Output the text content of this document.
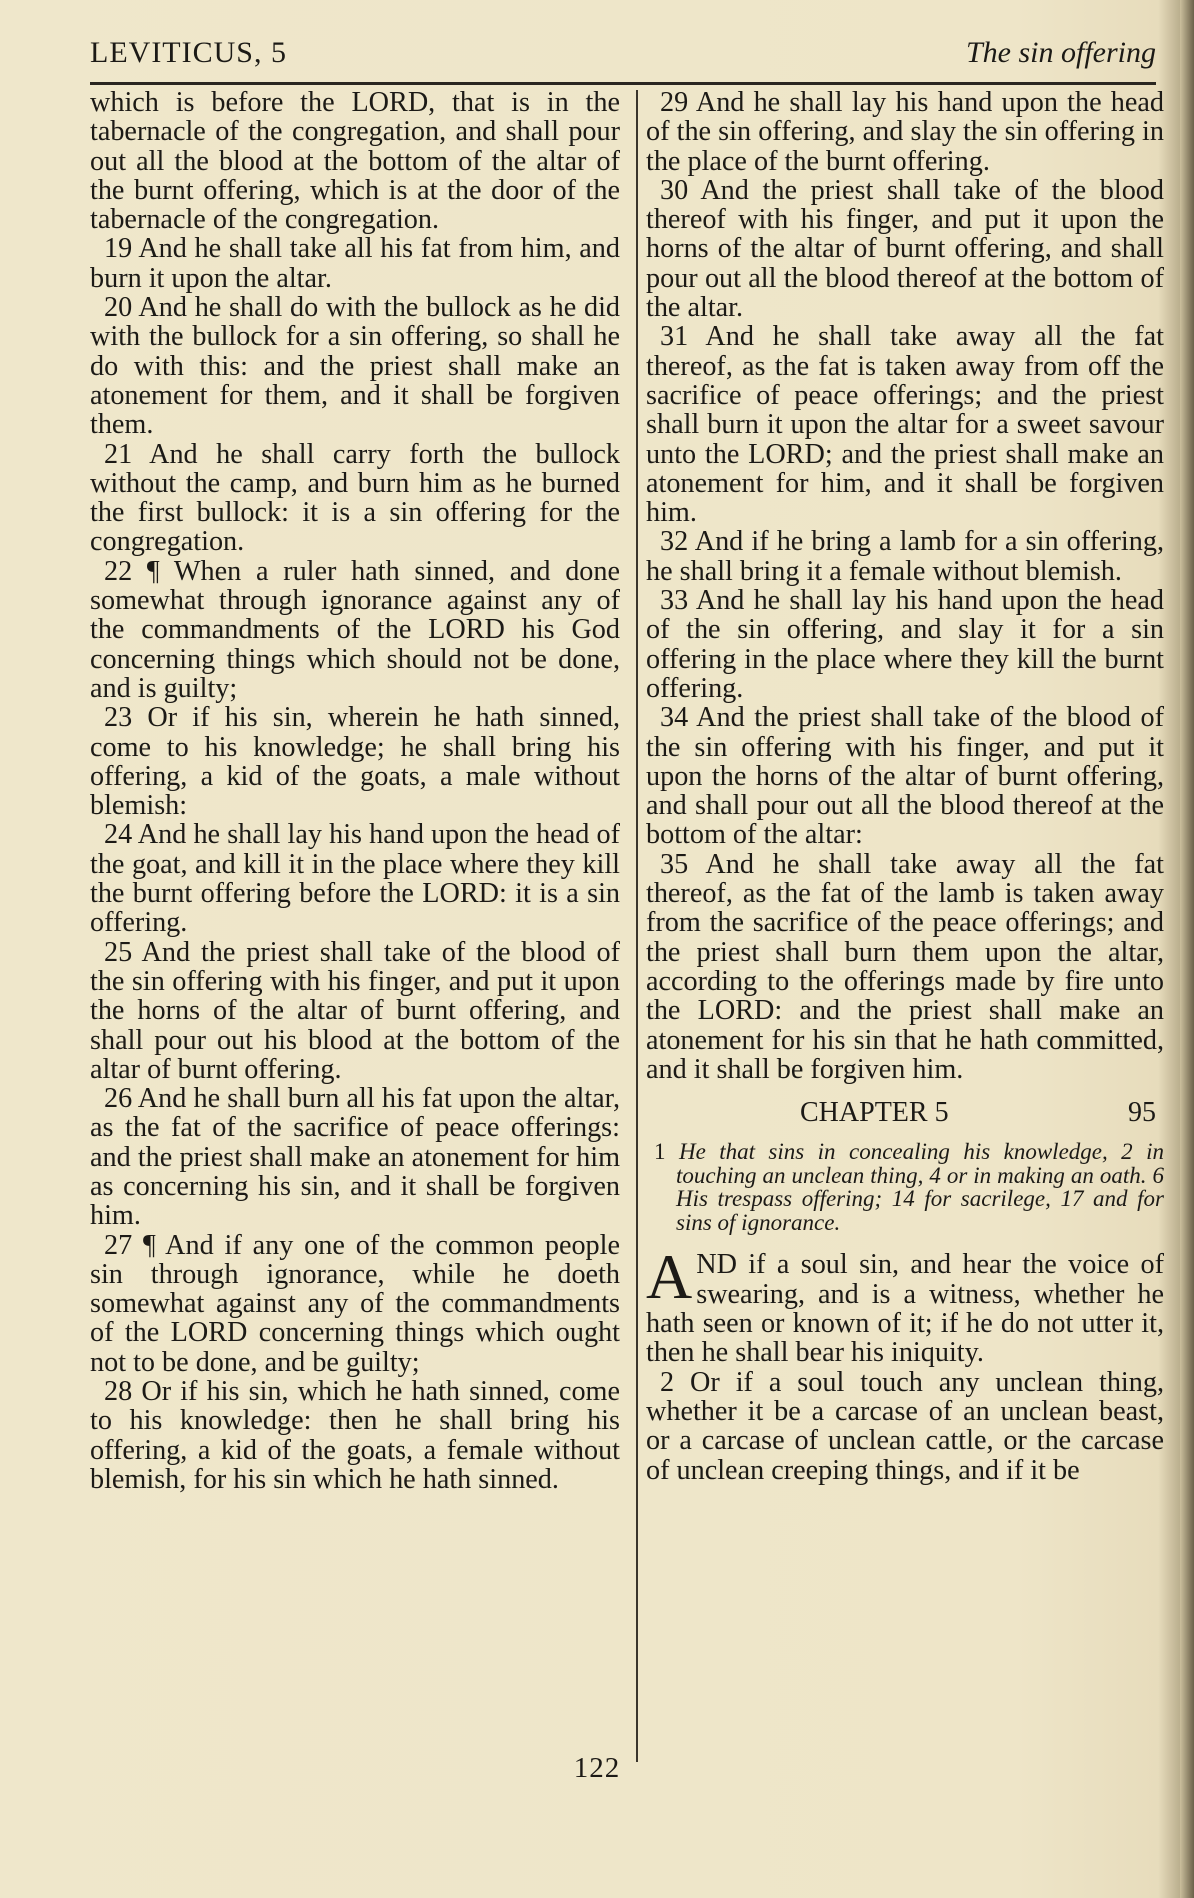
LEVITICUS, 5	The sin offering

which is before the LORD, that is in the tabernacle of the congregation, and shall pour out all the blood at the bottom of the altar of the burnt offering, which is at the door of the tabernacle of the congregation.

19 And he shall take all his fat from him, and burn it upon the altar.

20 And he shall do with the bullock as he did with the bullock for a sin offering, so shall he do with this: and the priest shall make an atonement for them, and it shall be forgiven them.

21 And he shall carry forth the bullock without the camp, and burn him as he burned the first bullock: it is a sin offering for the congregation.

22 ¶ When a ruler hath sinned, and done somewhat through ignorance against any of the commandments of the LORD his God concerning things which should not be done, and is guilty;

23 Or if his sin, wherein he hath sinned, come to his knowledge; he shall bring his offering, a kid of the goats, a male without blemish:

24 And he shall lay his hand upon the head of the goat, and kill it in the place where they kill the burnt offering before the LORD: it is a sin offering.

25 And the priest shall take of the blood of the sin offering with his finger, and put it upon the horns of the altar of burnt offering, and shall pour out his blood at the bottom of the altar of burnt offering.

26 And he shall burn all his fat upon the altar, as the fat of the sacrifice of peace offerings: and the priest shall make an atonement for him as concerning his sin, and it shall be forgiven him.

27 ¶ And if any one of the common people sin through ignorance, while he doeth somewhat against any of the commandments of the LORD concerning things which ought not to be done, and be guilty;

28 Or if his sin, which he hath sinned, come to his knowledge: then he shall bring his offering, a kid of the goats, a female without blemish, for his sin which he hath sinned.

29 And he shall lay his hand upon the head of the sin offering, and slay the sin offering in the place of the burnt offering.

30 And the priest shall take of the blood thereof with his finger, and put it upon the horns of the altar of burnt offering, and shall pour out all the blood thereof at the bottom of the altar.

31 And he shall take away all the fat thereof, as the fat is taken away from off the sacrifice of peace offerings; and the priest shall burn it upon the altar for a sweet savour unto the LORD; and the priest shall make an atonement for him, and it shall be forgiven him.

32 And if he bring a lamb for a sin offering, he shall bring it a female without blemish.

33 And he shall lay his hand upon the head of the sin offering, and slay it for a sin offering in the place where they kill the burnt offering.

34 And the priest shall take of the blood of the sin offering with his finger, and put it upon the horns of the altar of burnt offering, and shall pour out all the blood thereof at the bottom of the altar:

35 And he shall take away all the fat thereof, as the fat of the lamb is taken away from the sacrifice of the peace offerings; and the priest shall burn them upon the altar, according to the offerings made by fire unto the LORD: and the priest shall make an atonement for his sin that he hath committed, and it shall be forgiven him.

CHAPTER 5	95
1 He that sins in concealing his knowledge, 2 in touching an unclean thing, 4 or in making an oath. 6 His trespass offering; 14 for sacrilege, 17 and for sins of ignorance.

AND if a soul sin, and hear the voice of swearing, and is a witness, whether he hath seen or known of it; if he do not utter it, then he shall bear his iniquity.

2 Or if a soul touch any unclean thing, whether it be a carcase of an unclean beast, or a carcase of unclean cattle, or the carcase of unclean creeping things, and if it be

122
